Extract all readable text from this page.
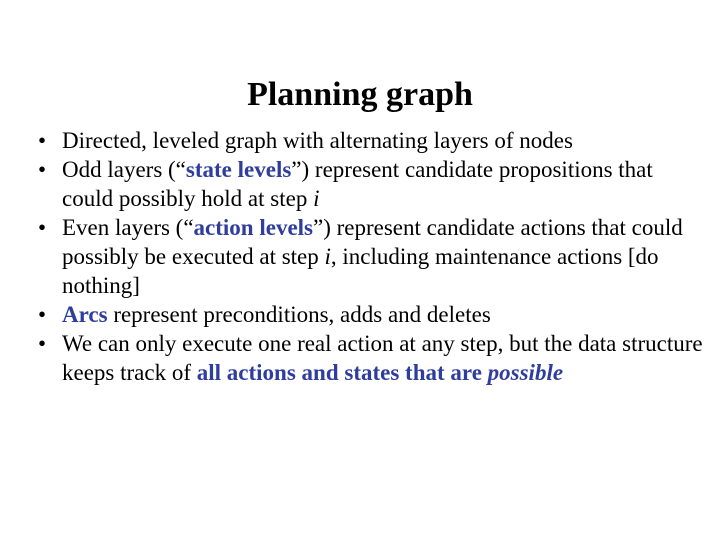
Planning graph
• Directed, leveled graph with alternating layers of nodes
• Odd layers (“state levels”) represent candidate propositions that could possibly hold at step i
• Even layers (“action levels”) represent candidate actions that could possibly be executed at step i, including maintenance actions [do nothing]
• Arcs represent preconditions, adds and deletes
• We can only execute one real action at any step, but the data structure keeps track of all actions and states that are possible
